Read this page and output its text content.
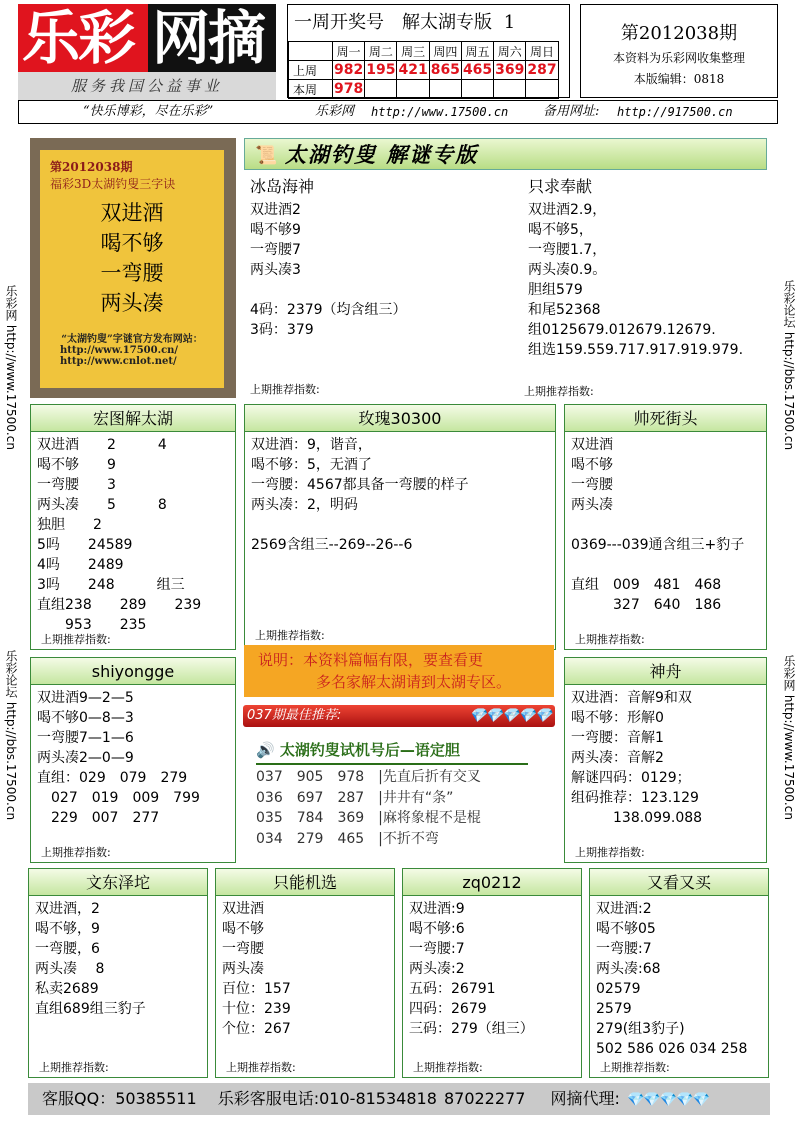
乐彩 网摘
服务我国公益事业
一周开奖号　解太湖专版 1
	周一	周二	周三	周四	周五	周六	周日
上周	982	195	421	865	465	369	287
本周	978						
第2012038期
本资料为乐彩网收集整理
本版编辑：0818
“快乐博彩，尽在乐彩”	乐彩网 http://www.17500.cn	备用网址: http://917500.cn
乐彩网 http://www.17500.cn
乐彩论坛 http://bbs.17500.cn
乐彩论坛 http://bbs.17500.cn
乐彩网 http://www.17500.cn
第2012038期
福彩3D太湖钓叟三字诀
双进酒
喝不够
一弯腰
两头凑
“太湖钓叟”字谜官方发布网站：
http://www.17500.cn/
http://www.cnlot.net/
📜 太湖钓叟 解谜专版
冰岛海神
双进酒2
喝不够9
一弯腰7
两头凑3

4码：2379（均含组三）
3码：379
上期推荐指数:
只求奉献
双进酒2.9，
喝不够5，
一弯腰1.7，
两头凑0.9。
胆组579
和尾52368
组0125679.012679.12679.
组选159.559.717.917.919.979.
上期推荐指数:
宏图解太湖
双进酒　　2　　　4
喝不够　　9
一弯腰　　3
两头凑　　5　　　8
独胆　　2
5吗　　24589
4吗　　2489
3吗　　248　　　组三
直组238　　289　　239
　　953　　235
上期推荐指数:
玫瑰30300
双进酒：9，谐音，
喝不够：5，无酒了
一弯腰：4567都具备一弯腰的样子
两头凑：2，明码

2569含组三--269--26--6
上期推荐指数:
帅死街头
双进酒
喝不够
一弯腰
两头凑

0369---039通含组三+豹子

直组　009　481　468
　　　327　640　186
上期推荐指数:
shiyongge
双进酒9—2—5
喝不够0—8—3
一弯腰7—1—6
两头凑2—0—9
直组：029　079　279
　027　019　009　799
　229　007　277
上期推荐指数:
说明：本资料篇幅有限，要查看更
多名家解太湖请到太湖专区。
037期最佳推荐:	💎💎💎💎💎
🔊 太湖钓叟试机号后—语定胆
037　905　978　|先直后折有交叉
036　697　287　|井井有“条”
035　784　369　|麻将象棍不是棍
034　279　465　|不折不弯
神舟
双进酒：音解9和双
喝不够：形解0
一弯腰：音解1
两头凑：音解2
解谜四码：0129；
组码推荐：123.129
　　　138.099.088
上期推荐指数:
文东泽坨
双进酒，2
喝不够，9
一弯腰，6
两头凑　 8
私卖2689
直组689组三豹子
上期推荐指数:
只能机选
双进酒
喝不够
一弯腰
两头凑
百位：157
十位：239
个位：267
上期推荐指数:
zq0212
双进酒:9
喝不够:6
一弯腰:7
两头凑:2
五码：26791
四码：2679
三码：279（组三）
上期推荐指数:
又看又买
双进酒:2
喝不够05
一弯腰:7
两头凑:68
02579
2579
279(组3豹子)
502 586 026 034 258
上期推荐指数:
客服QQ：50385511 乐彩客服电话:010-81534818 87022277 网摘代理: 💎💎💎💎💎
